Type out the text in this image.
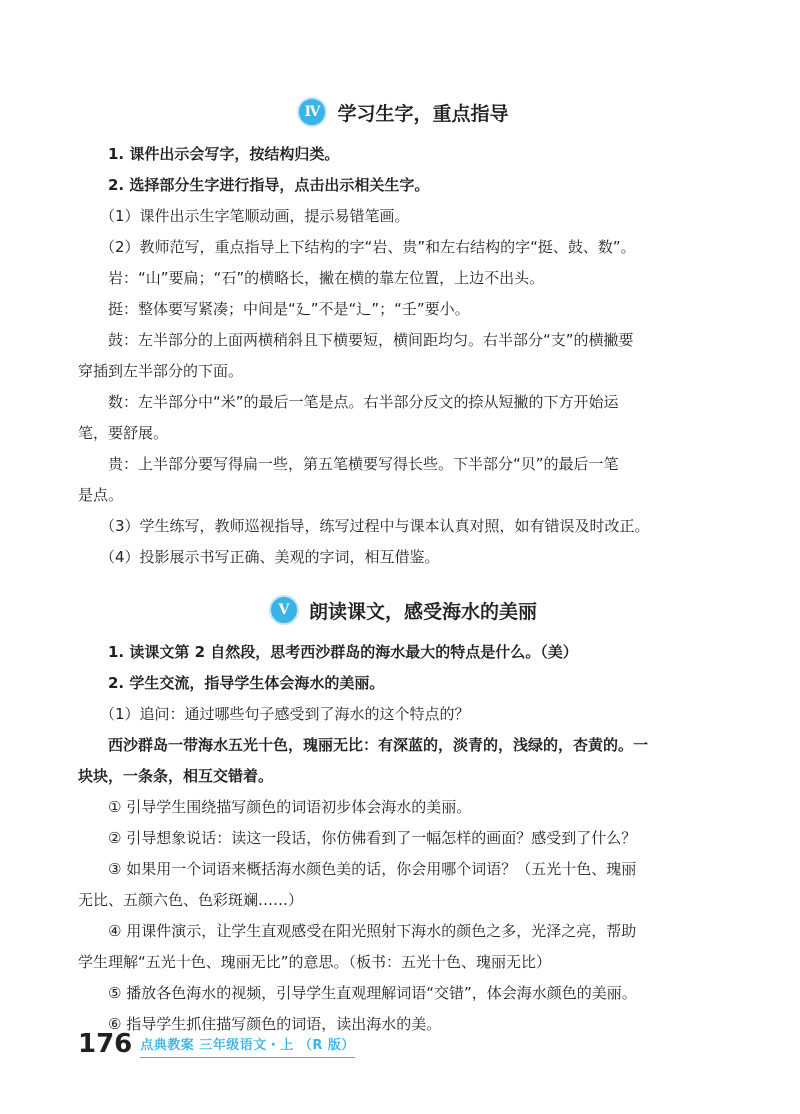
Ⅳ 学习生字，重点指导
1. 课件出示会写字，按结构归类。
2. 选择部分生字进行指导，点击出示相关生字。
（1）课件出示生字笔顺动画，提示易错笔画。
（2）教师范写，重点指导上下结构的字“岩、贵”和左右结构的字“挺、鼓、数”。
岩：“山”要扁；“石”的横略长，撇在横的靠左位置，上边不出头。
挺：整体要写紧凑；中间是“廴”不是“辶”；“壬”要小。
鼓：左半部分的上面两横稍斜且下横要短，横间距均匀。右半部分“支”的横撇要
穿插到左半部分的下面。
数：左半部分中“米”的最后一笔是点。右半部分反文的捺从短撇的下方开始运
笔，要舒展。
贵：上半部分要写得扁一些，第五笔横要写得长些。下半部分“贝”的最后一笔
是点。
（3）学生练写，教师巡视指导，练写过程中与课本认真对照，如有错误及时改正。
（4）投影展示书写正确、美观的字词，相互借鉴。
Ⅴ	朗读课文，感受海水的美丽
1. 读课文第 2 自然段，思考西沙群岛的海水最大的特点是什么。（美）
2. 学生交流，指导学生体会海水的美丽。
（1）追问：通过哪些句子感受到了海水的这个特点的？
西沙群岛一带海水五光十色，瑰丽无比：有深蓝的，淡青的，浅绿的，杏黄的。一
块块，一条条，相互交错着。
① 引导学生围绕描写颜色的词语初步体会海水的美丽。
② 引导想象说话：读这一段话，你仿佛看到了一幅怎样的画面？感受到了什么？
③ 如果用一个词语来概括海水颜色美的话，你会用哪个词语？（五光十色、瑰丽
无比、五颜六色、色彩斑斓……）
④ 用课件演示，让学生直观感受在阳光照射下海水的颜色之多，光泽之亮，帮助
学生理解“五光十色、瑰丽无比”的意思。（板书：五光十色、瑰丽无比）
⑤ 播放各色海水的视频，引导学生直观理解词语“交错”，体会海水颜色的美丽。
⑥ 指导学生抓住描写颜色的词语，读出海水的美。
176 点典教案 三年级语文・上 （R 版）
